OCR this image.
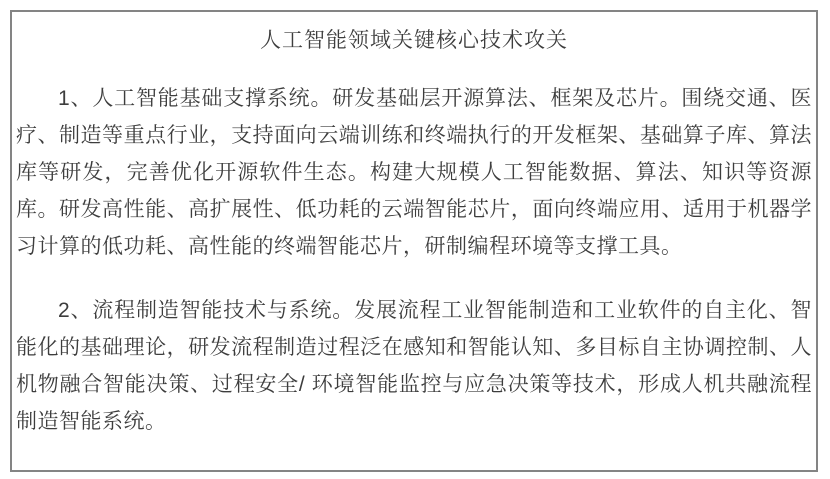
人工智能领域关键核心技术攻关

1、人工智能基础支撑系统。研发基础层开源算法、框架及芯片。围绕交通、医疗、制造等重点行业，支持面向云端训练和终端执行的开发框架、基础算子库、算法库等研发，完善优化开源软件生态。构建大规模人工智能数据、算法、知识等资源库。研发高性能、高扩展性、低功耗的云端智能芯片，面向终端应用、适用于机器学习计算的低功耗、高性能的终端智能芯片，研制编程环境等支撑工具。

2、流程制造智能技术与系统。发展流程工业智能制造和工业软件的自主化、智能化的基础理论，研发流程制造过程泛在感知和智能认知、多目标自主协调控制、人机物融合智能决策、过程安全/ 环境智能监控与应急决策等技术，形成人机共融流程制造智能系统。
